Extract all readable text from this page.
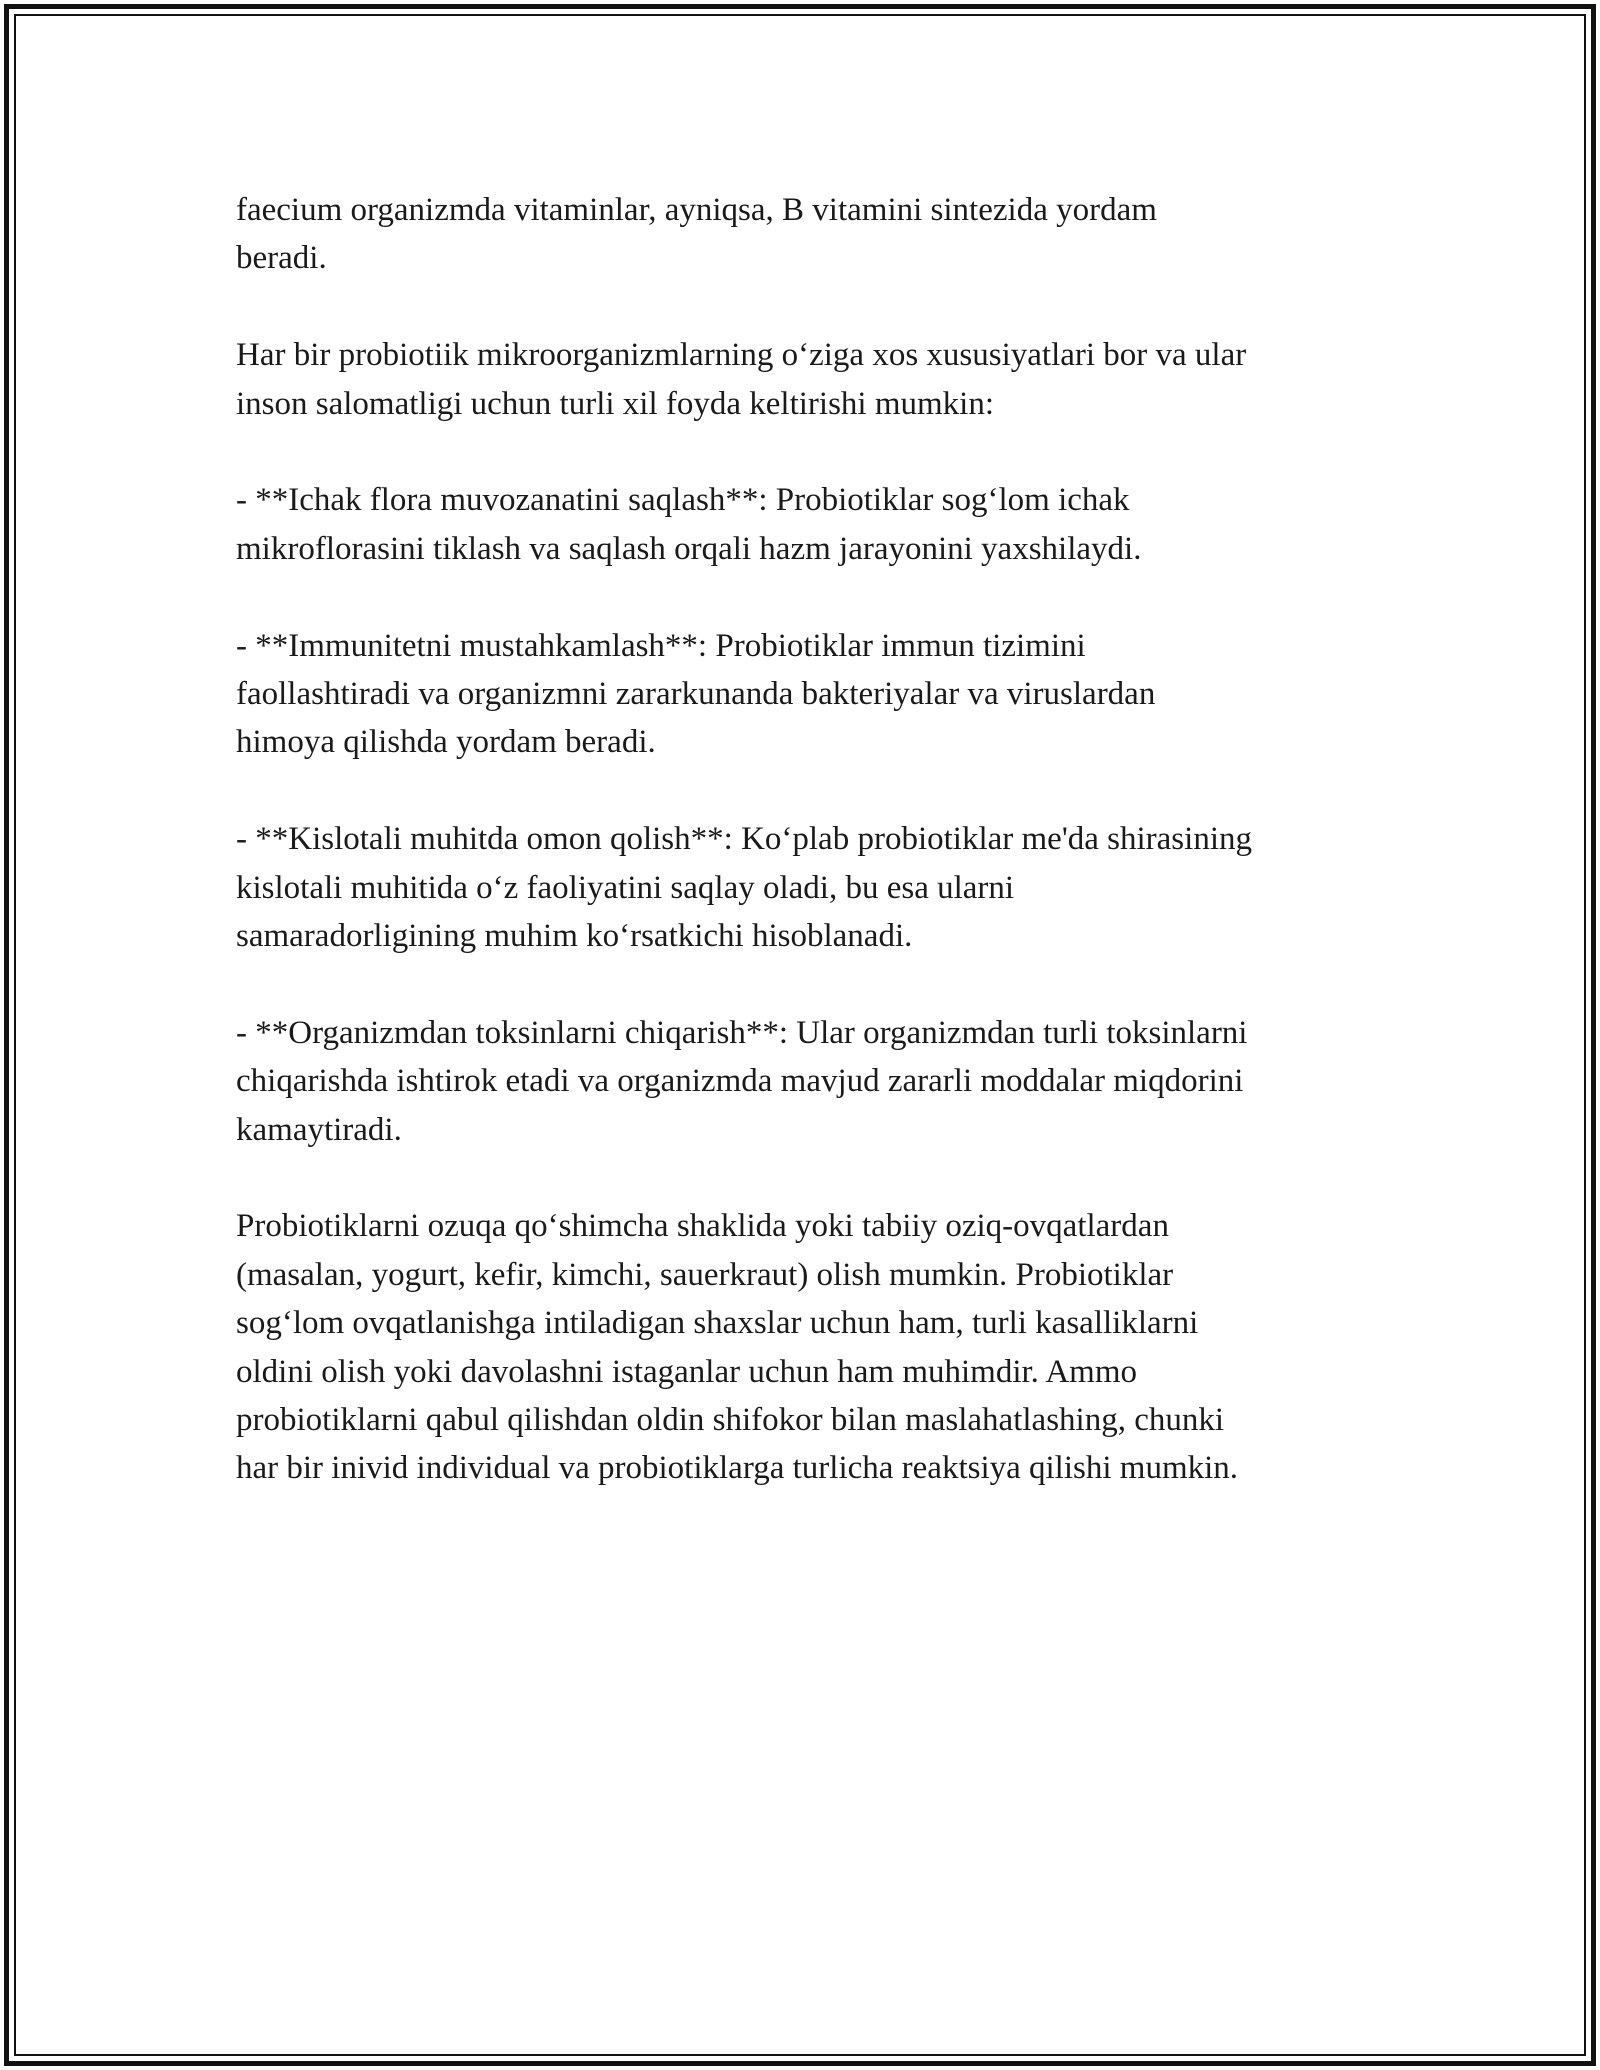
faecium organizmda vitaminlar, ayniqsa, B vitamini sintezida yordam
beradi.

Har bir probiotiik mikroorganizmlarning o‘ziga xos xususiyatlari bor va ular
inson salomatligi uchun turli xil foyda keltirishi mumkin:

- **Ichak flora muvozanatini saqlash**: Probiotiklar sog‘lom ichak
mikroflorasini tiklash va saqlash orqali hazm jarayonini yaxshilaydi.

- **Immunitetni mustahkamlash**: Probiotiklar immun tizimini
faollashtiradi va organizmni zararkunanda bakteriyalar va viruslardan
himoya qilishda yordam beradi.

- **Kislotali muhitda omon qolish**: Ko‘plab probiotiklar me'da shirasining
kislotali muhitida o‘z faoliyatini saqlay oladi, bu esa ularni
samaradorligining muhim ko‘rsatkichi hisoblanadi.

- **Organizmdan toksinlarni chiqarish**: Ular organizmdan turli toksinlarni
chiqarishda ishtirok etadi va organizmda mavjud zararli moddalar miqdorini
kamaytiradi.

Probiotiklarni ozuqa qo‘shimcha shaklida yoki tabiiy oziq-ovqatlardan
(masalan, yogurt, kefir, kimchi, sauerkraut) olish mumkin. Probiotiklar
sog‘lom ovqatlanishga intiladigan shaxslar uchun ham, turli kasalliklarni
oldini olish yoki davolashni istaganlar uchun ham muhimdir. Ammo
probiotiklarni qabul qilishdan oldin shifokor bilan maslahatlashing, chunki
har bir inivid individual va probiotiklarga turlicha reaktsiya qilishi mumkin.
